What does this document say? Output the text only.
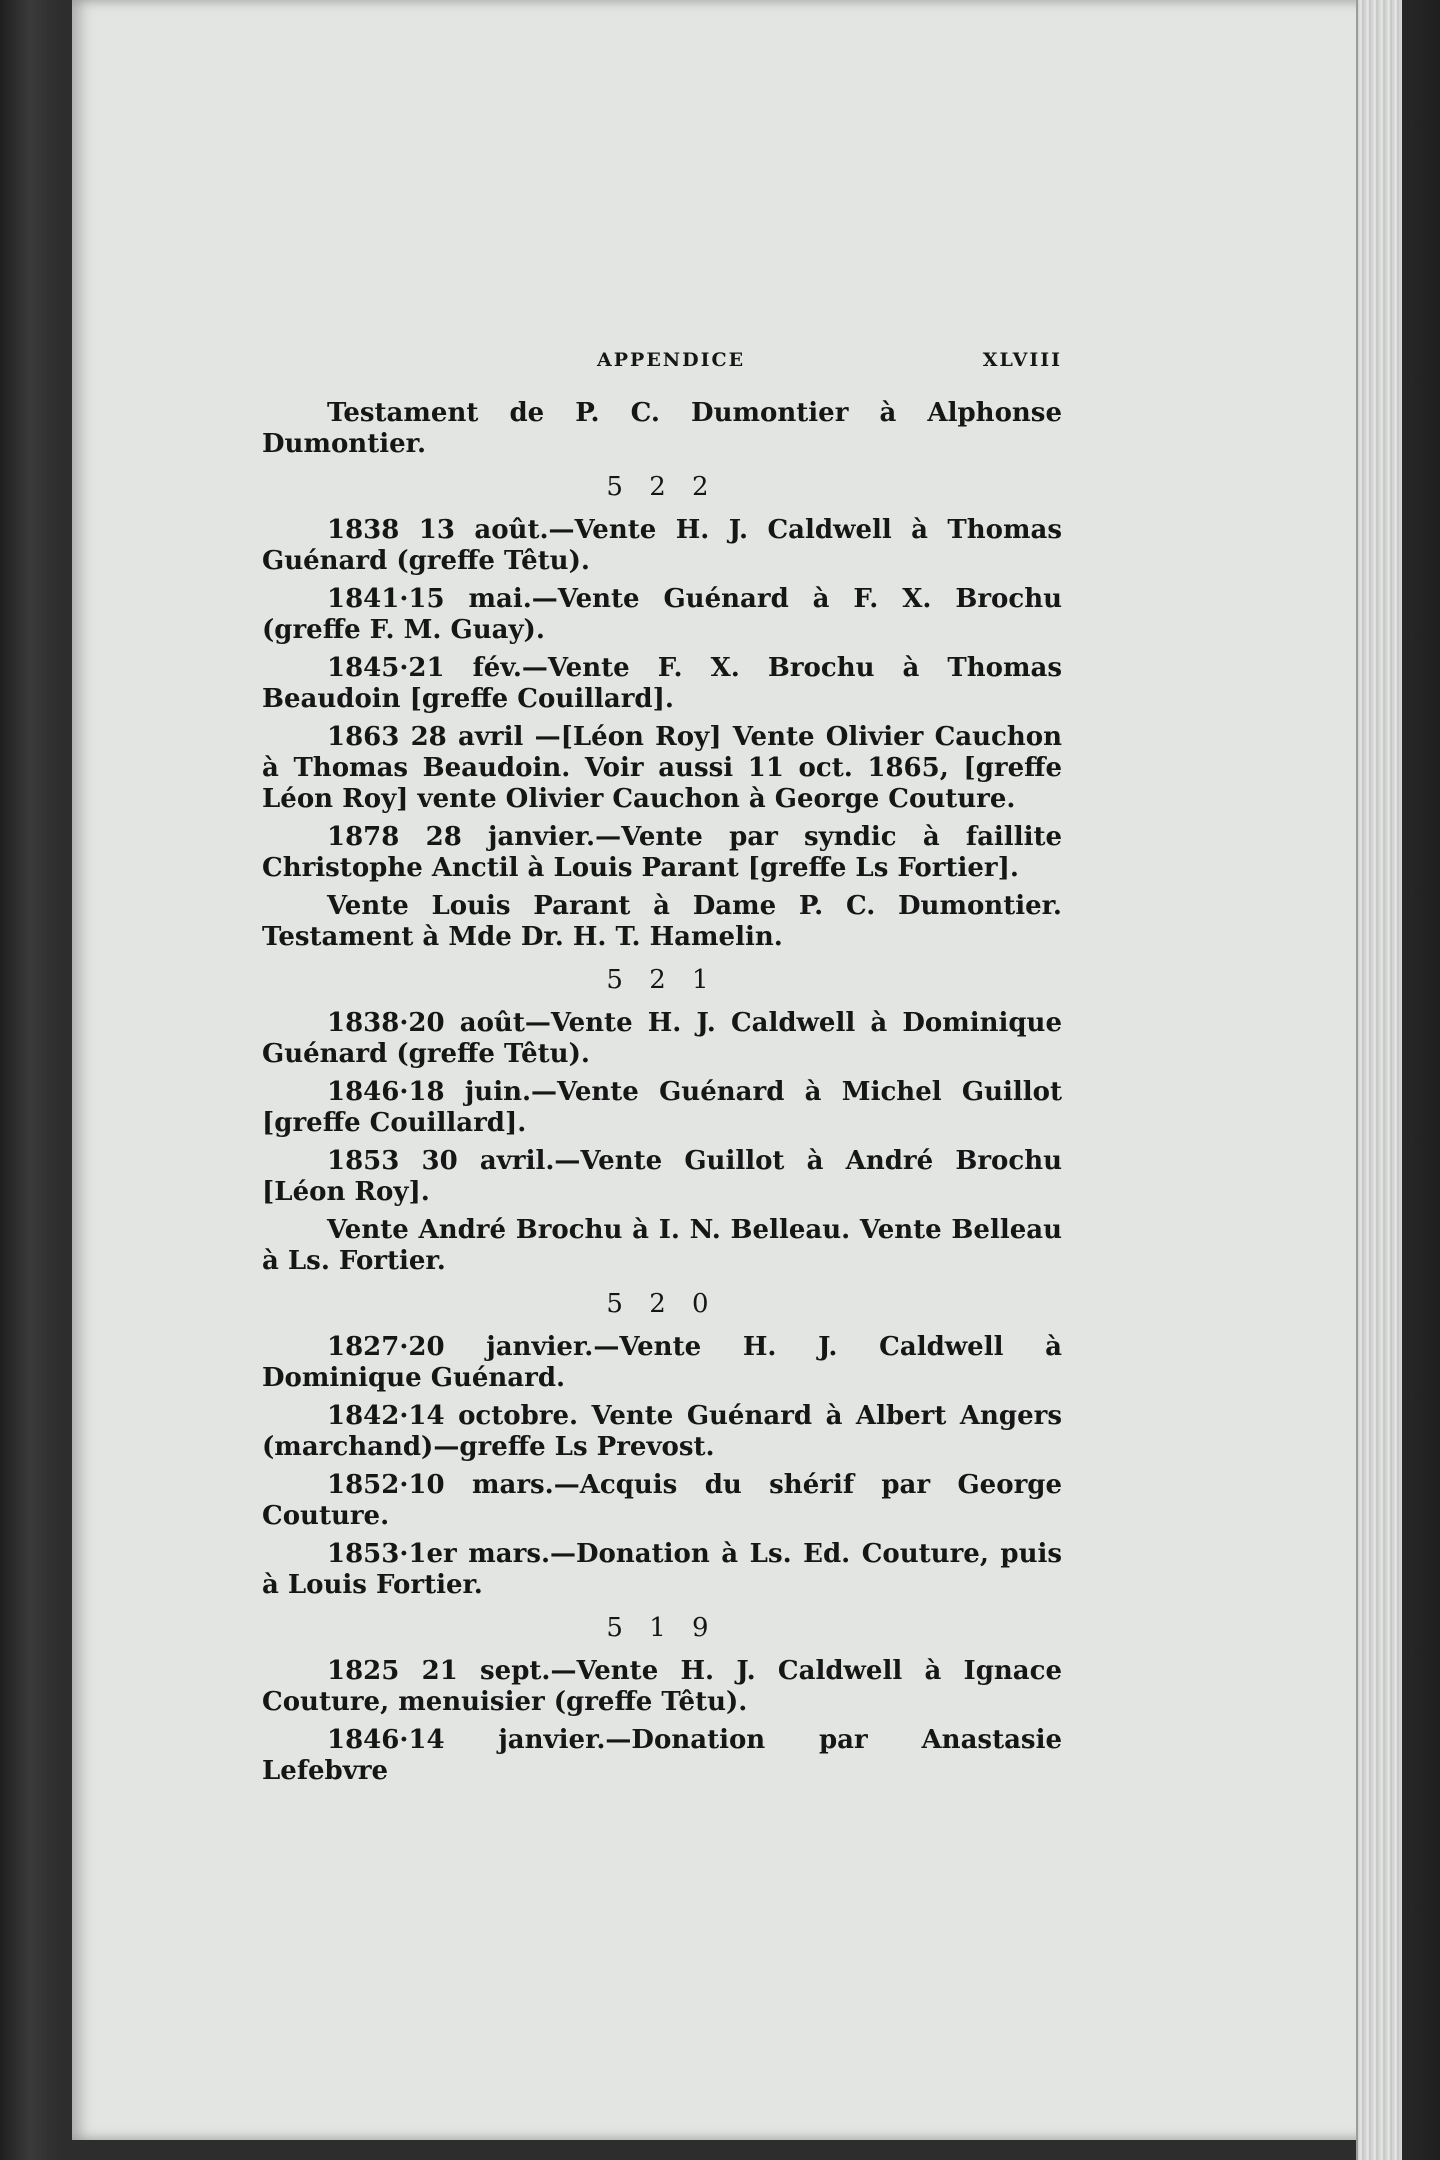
APPENDICE	XLVIII

Testament de P. C. Dumontier à Alphonse Dumontier.

5 2 2

1838 13 août.—Vente H. J. Caldwell à Thomas Guénard (greffe Têtu).

1841·15 mai.—Vente Guénard à F. X. Brochu (greffe F. M. Guay).

1845·21 fév.—Vente F. X. Brochu à Thomas Beaudoin [greffe Couillard].

1863 28 avril —[Léon Roy] Vente Olivier Cauchon à Thomas Beaudoin. Voir aussi 11 oct. 1865, [greffe Léon Roy] vente Olivier Cauchon à George Couture.

1878 28 janvier.—Vente par syndic à faillite Christophe Anctil à Louis Parant [greffe Ls Fortier].

Vente Louis Parant à Dame P. C. Dumontier. Testament à Mde Dr. H. T. Hamelin.

5 2 1

1838·20 août—Vente H. J. Caldwell à Dominique Guénard (greffe Têtu).

1846·18 juin.—Vente Guénard à Michel Guillot [greffe Couillard].

1853 30 avril.—Vente Guillot à André Brochu [Léon Roy].

Vente André Brochu à I. N. Belleau. Vente Belleau à Ls. Fortier.

5 2 0

1827·20 janvier.—Vente H. J. Caldwell à Dominique Guénard.

1842·14 octobre. Vente Guénard à Albert Angers (marchand)—greffe Ls Prevost.

1852·10 mars.—Acquis du shérif par George Couture.

1853·1er mars.—Donation à Ls. Ed. Couture, puis à Louis Fortier.

5 1 9

1825 21 sept.—Vente H. J. Caldwell à Ignace Couture, menuisier (greffe Têtu).

1846·14 janvier.—Donation par Anastasie Lefebvre
